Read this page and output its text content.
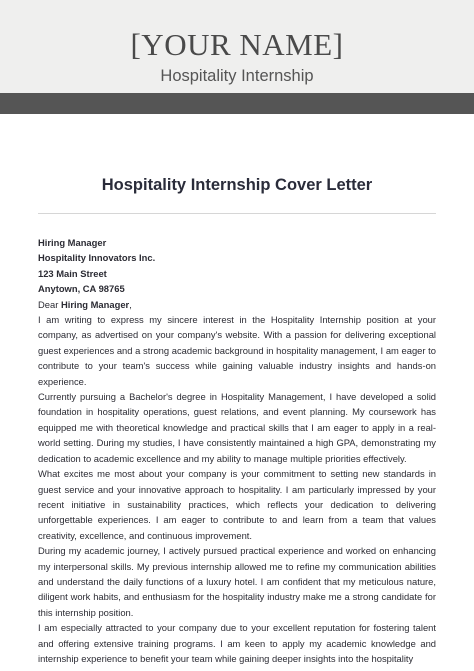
[YOUR NAME]
Hospitality Internship
Hospitality Internship Cover Letter
Hiring Manager
Hospitality Innovators Inc.
123 Main Street
Anytown, CA 98765
Dear Hiring Manager,

I am writing to express my sincere interest in the Hospitality Internship position at your company, as advertised on your company's website. With a passion for delivering exceptional guest experiences and a strong academic background in hospitality management, I am eager to contribute to your team's success while gaining valuable industry insights and hands-on experience.

Currently pursuing a Bachelor's degree in Hospitality Management, I have developed a solid foundation in hospitality operations, guest relations, and event planning. My coursework has equipped me with theoretical knowledge and practical skills that I am eager to apply in a real-world setting. During my studies, I have consistently maintained a high GPA, demonstrating my dedication to academic excellence and my ability to manage multiple priorities effectively.

What excites me most about your company is your commitment to setting new standards in guest service and your innovative approach to hospitality. I am particularly impressed by your recent initiative in sustainability practices, which reflects your dedication to delivering unforgettable experiences. I am eager to contribute to and learn from a team that values creativity, excellence, and continuous improvement.

During my academic journey, I actively pursued practical experience and worked on enhancing my interpersonal skills. My previous internship allowed me to refine my communication abilities and understand the daily functions of a luxury hotel. I am confident that my meticulous nature, diligent work habits, and enthusiasm for the hospitality industry make me a strong candidate for this internship position.

I am especially attracted to your company due to your excellent reputation for fostering talent and offering extensive training programs. I am keen to apply my academic knowledge and internship experience to benefit your team while gaining deeper insights into the hospitality
